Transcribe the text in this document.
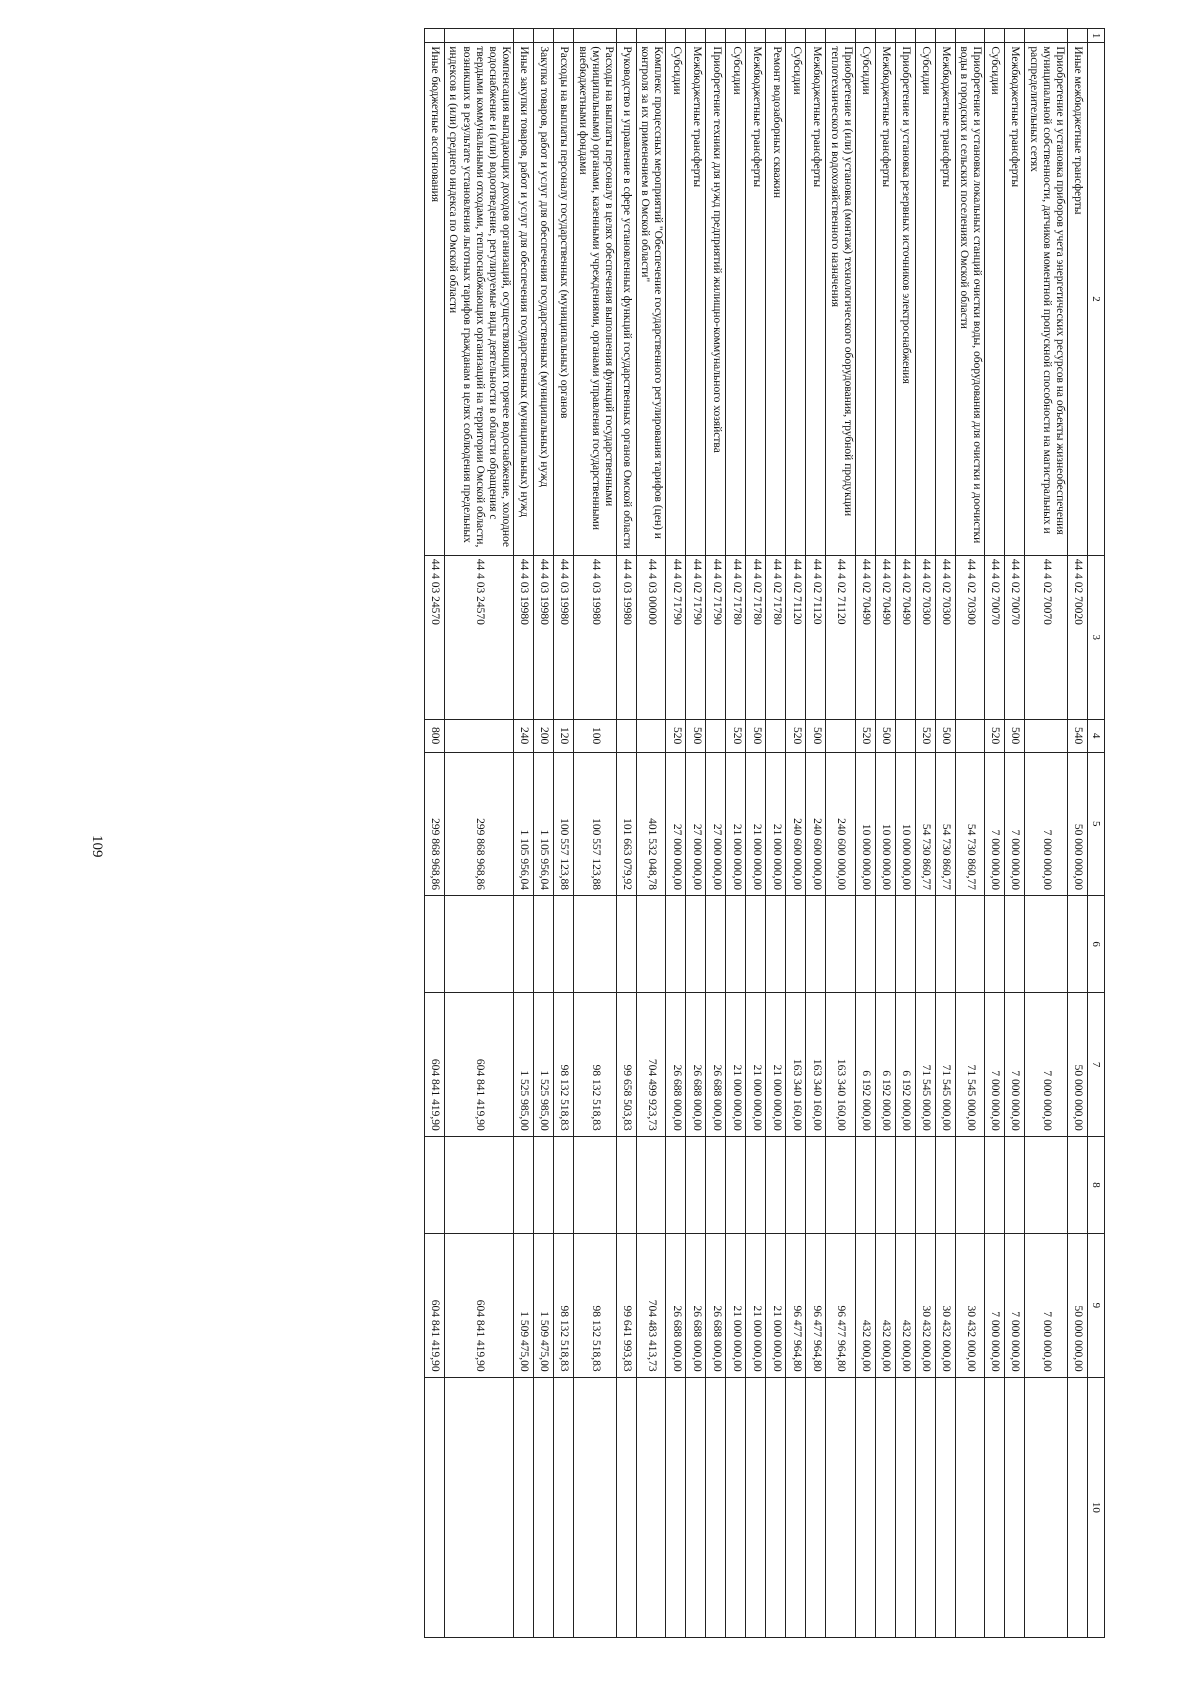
109
1	2	3	4	5	6	7	8	9	10
	Иные межбюджетные трансферты	44 4 02 70020	540	50 000 000,00		50 000 000,00		50 000 000,00	
	Приобретение и установка приборов учета энергетических ресурсов на объекты жизнеобеспечения муниципальной собственности, датчиков моментной пропускной способности на магистральных и распределительных сетях	44 4 02 70070		7 000 000,00		7 000 000,00		7 000 000,00	
	Межбюджетные трансферты	44 4 02 70070	500	7 000 000,00		7 000 000,00		7 000 000,00	
	Субсидии	44 4 02 70070	520	7 000 000,00		7 000 000,00		7 000 000,00	
	Приобретение и установка локальных станций очистки воды, оборудования для очистки и доочистки воды в городских и сельских поселениях Омской области	44 4 02 70300		54 730 860,77		71 545 000,00		30 432 000,00	
	Межбюджетные трансферты	44 4 02 70300	500	54 730 860,77		71 545 000,00		30 432 000,00	
	Субсидии	44 4 02 70300	520	54 730 860,77		71 545 000,00		30 432 000,00	
	Приобретение и установка резервных источников электроснабжения	44 4 02 70490		10 000 000,00		6 192 000,00		432 000,00	
	Межбюджетные трансферты	44 4 02 70490	500	10 000 000,00		6 192 000,00		432 000,00	
	Субсидии	44 4 02 70490	520	10 000 000,00		6 192 000,00		432 000,00	
	Приобретение и (или) установка (монтаж) технологического оборудования, трубной продукции теплотехнического и водохозяйственного назначения	44 4 02 71120		240 600 000,00		163 340 160,00		96 477 964,80	
	Межбюджетные трансферты	44 4 02 71120	500	240 600 000,00		163 340 160,00		96 477 964,80	
	Субсидии	44 4 02 71120	520	240 600 000,00		163 340 160,00		96 477 964,80	
	Ремонт водозаборных скважин	44 4 02 71780		21 000 000,00		21 000 000,00		21 000 000,00	
	Межбюджетные трансферты	44 4 02 71780	500	21 000 000,00		21 000 000,00		21 000 000,00	
	Субсидии	44 4 02 71780	520	21 000 000,00		21 000 000,00		21 000 000,00	
	Приобретение техники для нужд предприятий жилищно-коммунального хозяйства	44 4 02 71790		27 000 000,00		26 688 000,00		26 688 000,00	
	Межбюджетные трансферты	44 4 02 71790	500	27 000 000,00		26 688 000,00		26 688 000,00	
	Субсидии	44 4 02 71790	520	27 000 000,00		26 688 000,00		26 688 000,00	
	Комплекс процессных мероприятий "Обеспечение государственного регулирования тарифов (цен) и контроля за их применением в Омской области"	44 4 03 00000		401 532 048,78		704 499 923,73		704 483 413,73	
	Руководство и управление в сфере установленных функций государственных органов Омской области	44 4 03 19980		101 663 079,92		99 658 503,83		99 641 993,83	
	Расходы на выплаты персоналу в целях обеспечения выполнения функций государственными (муниципальными) органами, казенными учреждениями, органами управления государственными внебюджетными фондами	44 4 03 19980	100	100 557 123,88		98 132 518,83		98 132 518,83	
	Расходы на выплаты персоналу государственных (муниципальных) органов	44 4 03 19980	120	100 557 123,88		98 132 518,83		98 132 518,83	
	Закупка товаров, работ и услуг для обеспечения государственных (муниципальных) нужд	44 4 03 19980	200	1 105 956,04		1 525 985,00		1 509 475,00	
	Иные закупки товаров, работ и услуг для обеспечения государственных (муниципальных) нужд	44 4 03 19980	240	1 105 956,04		1 525 985,00		1 509 475,00	
	Компенсация выпадающих доходов организаций, осуществляющих горячее водоснабжение, холодное водоснабжение и (или) водоотведение, регулируемые виды деятельности в области обращения с твердыми коммунальными отходами, теплоснабжающих организаций на территории Омской области, возникших в результате установления льготных тарифов гражданам в целях соблюдения предельных индексов и (или) среднего индекса по Омской области	44 4 03 24570		299 868 968,86		604 841 419,90		604 841 419,90	
	Иные бюджетные ассигнования	44 4 03 24570	800	299 868 968,86		604 841 419,90		604 841 419,90	
